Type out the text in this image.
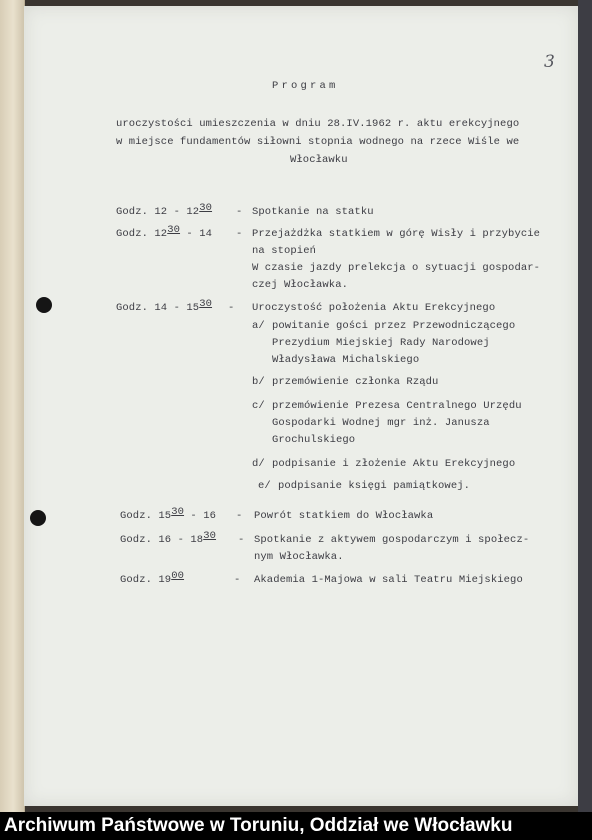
3
Program
uroczystości umieszczenia w dniu 28.IV.1962 r. aktu erekcyjnego
w miejsce fundamentów siłowni stopnia wodnego na rzece Wiśle we
Włocławku
Godz. 12 - 1230 - Spotkanie na statku
Godz. 1230 - 14 - Przejażdżka statkiem w górę Wisły i przybycie
na stopień
W czasie jazdy prelekcja o sytuacji gospodar-
czej Włocławka.
Godz. 14 - 1530 - Uroczystość położenia Aktu Erekcyjnego
a/ powitanie gości przez Przewodniczącego
Prezydium Miejskiej Rady Narodowej
Władysława Michalskiego
b/ przemówienie członka Rządu
c/ przemówienie Prezesa Centralnego Urzędu
Gospodarki Wodnej mgr inż. Janusza
Grochulskiego
d/ podpisanie i złożenie Aktu Erekcyjnego
e/ podpisanie księgi pamiątkowej.
Godz. 1530 - 16 - Powrót statkiem do Włocławka
Godz. 16 - 1830 - Spotkanie z aktywem gospodarczym i społecz-
nym Włocławka.
Godz. 1900	- Akademia 1-Majowa w sali Teatru Miejskiego
Archiwum Państwowe w Toruniu, Oddział we Włocławku
